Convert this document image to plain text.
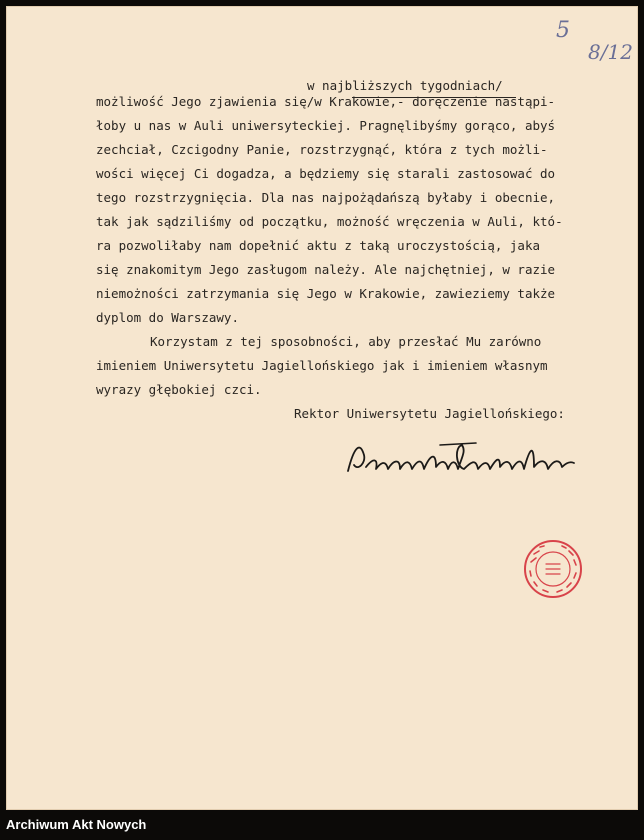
5
8/12
w najbliższych tygodniach/
możliwość Jego zjawienia się/w Krakowie,- doręczenie nastąpi-
łoby u nas w Auli uniwersyteckiej. Pragnęlibyśmy gorąco, abyś
zechciał, Czcigodny Panie, rozstrzygnąć, która z tych możli-
wości więcej Ci dogadza, a będziemy się starali zastosować do
tego rozstrzygnięcia. Dla nas najpożądańszą byłaby i obecnie,
tak jak sądziliśmy od początku, możność wręczenia w Auli, któ-
ra pozwoliłaby nam dopełnić aktu z taką uroczystością, jaka
się znakomitym Jego zasługom należy. Ale najchętniej, w razie
niemożności zatrzymania się Jego w Krakowie, zawieziemy także
dyplom do Warszawy.
Korzystam z tej sposobności, aby przesłać Mu zarówno
imieniem Uniwersytetu Jagiellońskiego jak i imieniem własnym
wyrazy głębokiej czci.
Rektor Uniwersytetu Jagiellońskiego:
Archiwum Akt Nowych
